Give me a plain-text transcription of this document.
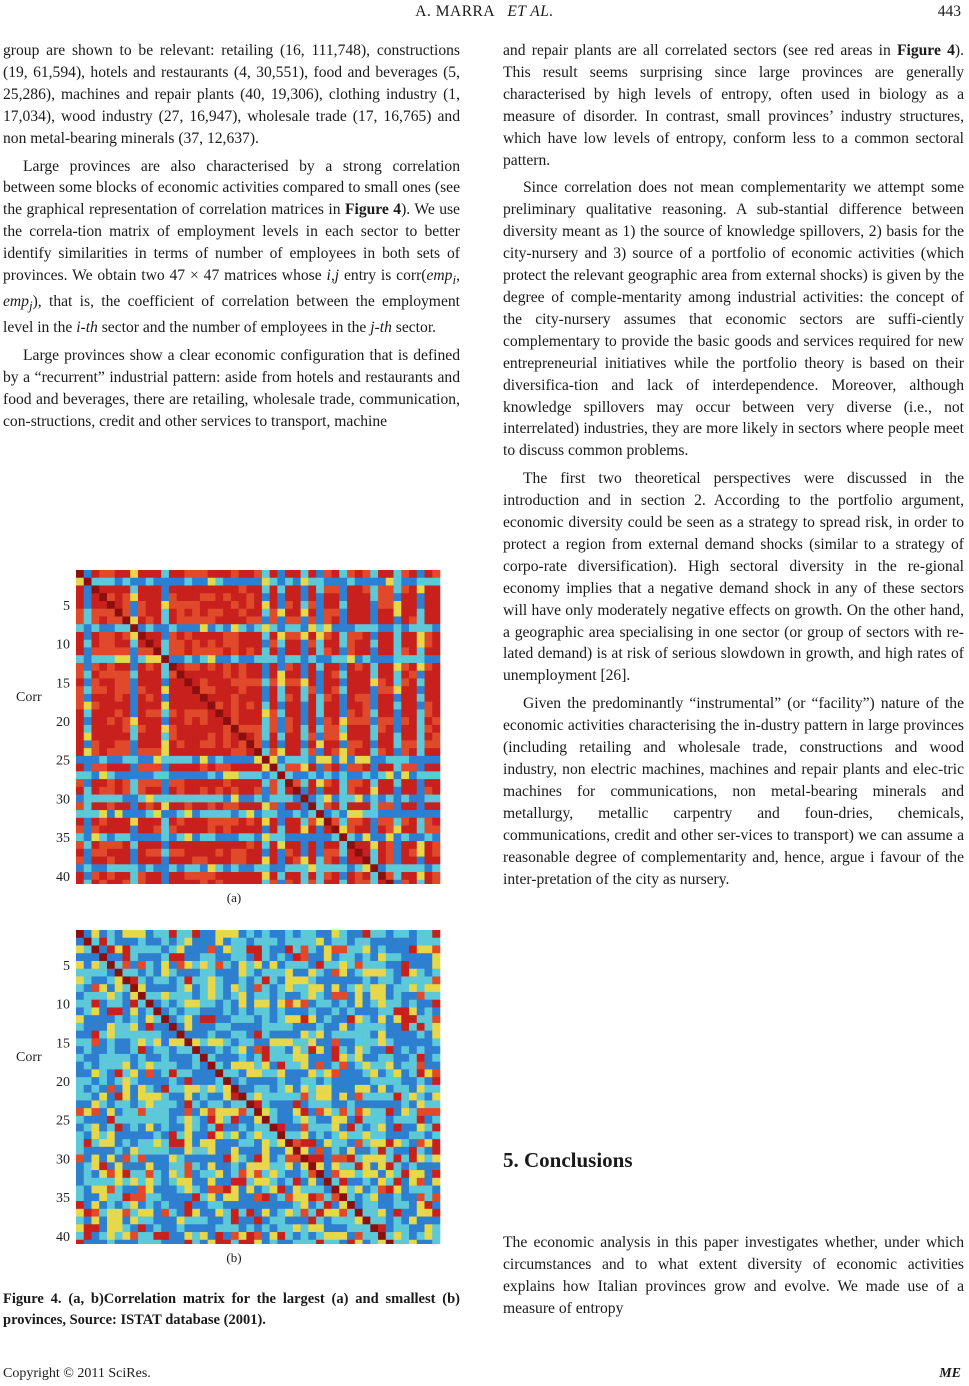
A. MARRA ET AL.	443

group are shown to be relevant: retailing (16, 111,748), constructions (19, 61,594), hotels and restaurants (4, 30,551), food and beverages (5, 25,286), machines and repair plants (40, 19,306), clothing industry (1, 17,034), wood industry (27, 16,947), wholesale trade (17, 16,765) and non metal-bearing minerals (37, 12,637).

Large provinces are also characterised by a strong correlation between some blocks of economic activities compared to small ones (see the graphical representation of correlation matrices in Figure 4). We use the correla-tion matrix of employment levels in each sector to better identify similarities in terms of number of employees in both sets of provinces. We obtain two 47 × 47 matrices whose i,j entry is corr(emp$_i$, emp$_j$), that is, the coefficient of correlation between the employment level in the i-th sector and the number of employees in the j-th sector.

Large provinces show a clear economic configuration that is defined by a “recurrent” industrial pattern: aside from hotels and restaurants and food and beverages, there are retailing, wholesale trade, communication, con-structions, credit and other services to transport, machine

5
10
15
20
25
30
35
40
Corr
(a)
5
10
15
20
25
30
35
40
Corr
(b)
Figure 4. (a, b)Correlation matrix for the largest (a) and smallest (b) provinces, Source: ISTAT database (2001).

and repair plants are all correlated sectors (see red areas in Figure 4). This result seems surprising since large provinces are generally characterised by high levels of entropy, often used in biology as a measure of disorder. In contrast, small provinces’ industry structures, which have low levels of entropy, conform less to a common sectoral pattern.

Since correlation does not mean complementarity we attempt some preliminary qualitative reasoning. A sub-stantial difference between diversity meant as 1) the source of knowledge spillovers, 2) basis for the city-nursery and 3) source of a portfolio of economic activities (which protect the relevant geographic area from external shocks) is given by the degree of comple-mentarity among industrial activities: the concept of the city-nursery assumes that economic sectors are suffi-ciently complementary to provide the basic goods and services required for new entrepreneurial initiatives while the portfolio theory is based on their diversifica-tion and lack of interdependence. Moreover, although knowledge spillovers may occur between very diverse (i.e., not interrelated) industries, they are more likely in sectors where people meet to discuss common problems.

The first two theoretical perspectives were discussed in the introduction and in section 2. According to the portfolio argument, economic diversity could be seen as a strategy to spread risk, in order to protect a region from external demand shocks (similar to a strategy of corpo-rate diversification). High sectoral diversity in the re-gional economy implies that a negative demand shock in any of these sectors will have only moderately negative effects on growth. On the other hand, a geographic area specialising in one sector (or group of sectors with re-lated demand) is at risk of serious slowdown in growth, and high rates of unemployment [26].

Given the predominantly “instrumental” (or “facility”) nature of the economic activities characterising the in-dustry pattern in large provinces (including retailing and wholesale trade, constructions and wood industry, non electric machines, machines and repair plants and elec-tric machines for communications, non metal-bearing minerals and metallurgy, metallic carpentry and foun-dries, chemicals, communications, credit and other ser-vices to transport) we can assume a reasonable degree of complementarity and, hence, argue i favour of the inter-pretation of the city as nursery.

5. Conclusions

The economic analysis in this paper investigates whether, under which circumstances and to what extent diversity of economic activities explains how Italian provinces grow and evolve. We made use of a measure of entropy

Copyright © 2011 SciRes.	ME
